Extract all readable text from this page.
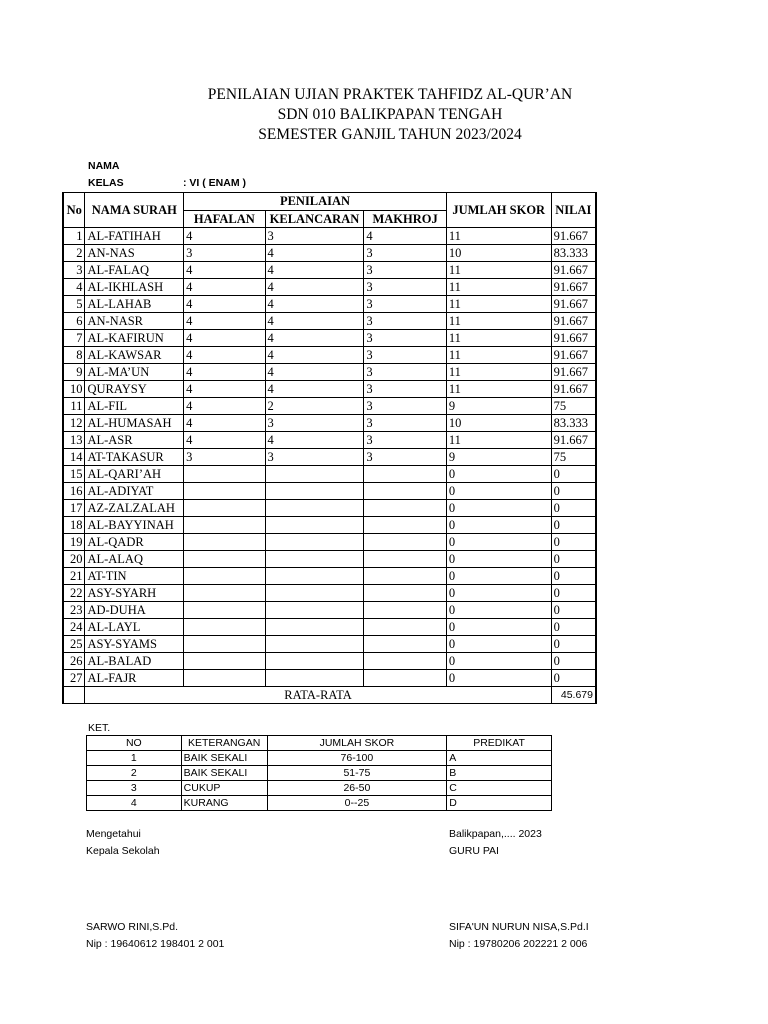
PENILAIAN UJIAN PRAKTEK TAHFIDZ AL-QUR’AN
SDN 010 BALIKPAPAN TENGAH
SEMESTER GANJIL TAHUN 2023/2024
NAMA
KELAS	: VI ( ENAM )
No	NAMA SURAH	PENILAIAN			JUMLAH SKOR	NILAI
		HAFALAN	KELANCARAN	MAKHROJ		
1	AL-FATIHAH	4	3	4	11	91.667
2	AN-NAS	3	4	3	10	83.333
3	AL-FALAQ	4	4	3	11	91.667
4	AL-IKHLASH	4	4	3	11	91.667
5	AL-LAHAB	4	4	3	11	91.667
6	AN-NASR	4	4	3	11	91.667
7	AL-KAFIRUN	4	4	3	11	91.667
8	AL-KAWSAR	4	4	3	11	91.667
9	AL-MA’UN	4	4	3	11	91.667
10	QURAYSY	4	4	3	11	91.667
11	AL-FIL	4	2	3	9	75
12	AL-HUMASAH	4	3	3	10	83.333
13	AL-ASR	4	4	3	11	91.667
14	AT-TAKASUR	3	3	3	9	75
15	AL-QARI’AH				0	0
16	AL-ADIYAT				0	0
17	AZ-ZALZALAH				0	0
18	AL-BAYYINAH				0	0
19	AL-QADR				0	0
20	AL-ALAQ				0	0
21	AT-TIN				0	0
22	ASY-SYARH				0	0
23	AD-DUHA				0	0
24	AL-LAYL				0	0
25	ASY-SYAMS				0	0
26	AL-BALAD				0	0
27	AL-FAJR				0	0
	RATA-RATA					45.679
KET.
NO	KETERANGAN	JUMLAH SKOR	PREDIKAT
1	BAIK SEKALI	76-100	A
2	BAIK SEKALI	51-75	B
3	CUKUP	26-50	C
4	KURANG	0--25	D
Mengetahui
Kepala Sekolah
SARWO RINI,S.Pd.
Nip : 19640612 198401 2 001
Balikpapan,.... 2023
GURU PAI
SIFA'UN NURUN NISA,S.Pd.I
Nip : 19780206 202221 2 006
